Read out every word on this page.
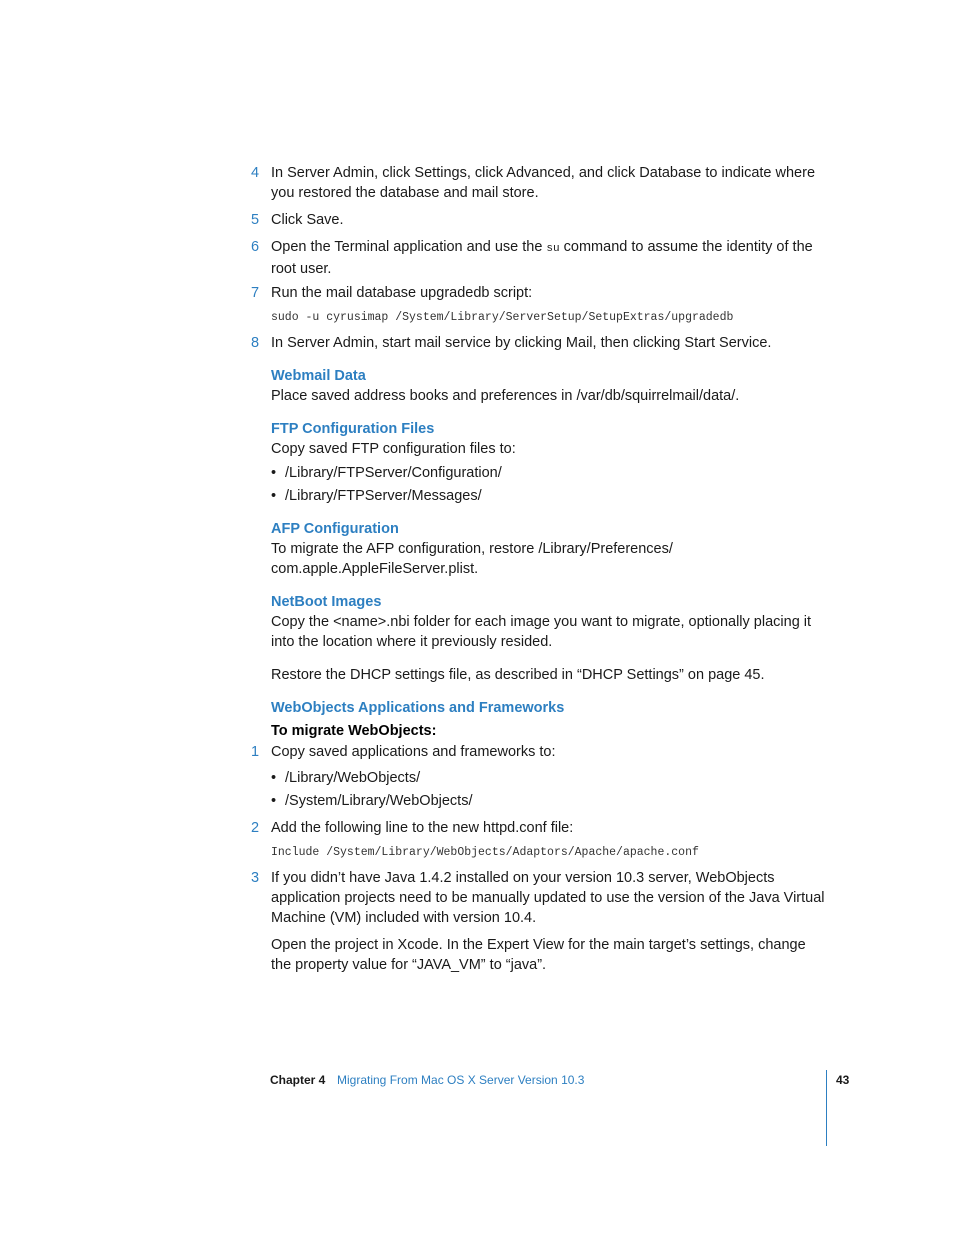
4 In Server Admin, click Settings, click Advanced, and click Database to indicate where you restored the database and mail store.
5 Click Save.
6 Open the Terminal application and use the su command to assume the identity of the root user.
7 Run the mail database upgradedb script:
sudo -u cyrusimap /System/Library/ServerSetup/SetupExtras/upgradedb
8 In Server Admin, start mail service by clicking Mail, then clicking Start Service.
Webmail Data
Place saved address books and preferences in /var/db/squirrelmail/data/.
FTP Configuration Files
Copy saved FTP configuration files to:
• /Library/FTPServer/Configuration/
• /Library/FTPServer/Messages/
AFP Configuration
To migrate the AFP configuration, restore /Library/Preferences/
com.apple.AppleFileServer.plist.
NetBoot Images
Copy the <name>.nbi folder for each image you want to migrate, optionally placing it into the location where it previously resided.
Restore the DHCP settings file, as described in “DHCP Settings” on page 45.
WebObjects Applications and Frameworks
To migrate WebObjects:
1 Copy saved applications and frameworks to:
• /Library/WebObjects/
• /System/Library/WebObjects/
2 Add the following line to the new httpd.conf file:
Include /System/Library/WebObjects/Adaptors/Apache/apache.conf
3 If you didn’t have Java 1.4.2 installed on your version 10.3 server, WebObjects application projects need to be manually updated to use the version of the Java Virtual Machine (VM) included with version 10.4.
Open the project in Xcode. In the Expert View for the main target’s settings, change the property value for “JAVA_VM” to “java”.
Chapter 4 Migrating From Mac OS X Server Version 10.3	43
